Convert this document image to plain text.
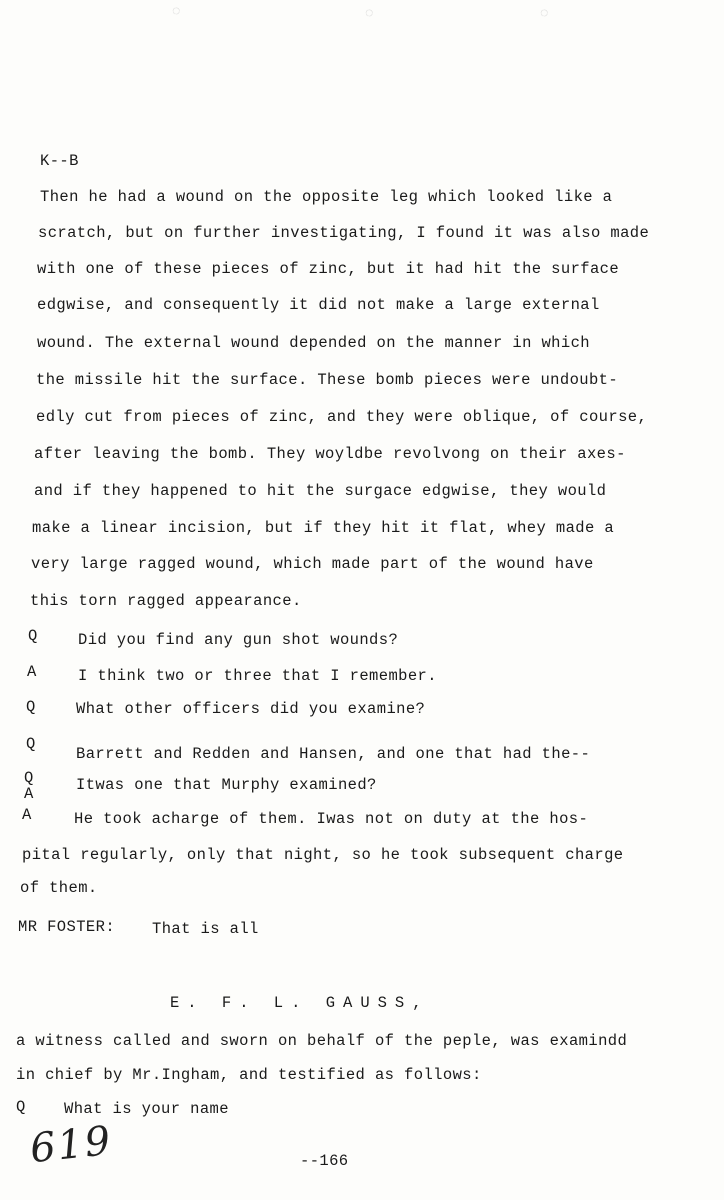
◌	◌	◌
K--B
Then he had a wound on the opposite leg which looked like a
scratch, but on further investigating, I found it was also made
with one of these pieces of zinc, but it had hit the surface
edgwise, and consequently it did not make a large external
wound. The external wound depended on the manner in which
the missile hit the surface. These bomb pieces were undoubt-
edly cut from pieces of zinc, and they were oblique, of course,
after leaving the bomb. They woyldbe revolvong on their axes-
and if they happened to hit the surgace edgwise, they would
make a linear incision, but if they hit it flat, whey made a
very large ragged wound, which made part of the wound have
this torn ragged appearance.
Q	Did you find any gun shot wounds?
A	I think two or three that I remember.
Q	What other officers did you examine?
Q
Barrett and Redden and Hansen, and one that had the--
Q
A	Itwas one that Murphy examined?
A	He took acharge of them. Iwas not on duty at the hos-
pital regularly, only that night, so he took subsequent charge
of them.
MR FOSTER: That is all
E. F. L. GAUSS,
a witness called and sworn on behalf of the peple, was examindd
in chief by Mr.Ingham, and testified as follows:
Q What is your name
619	--166
